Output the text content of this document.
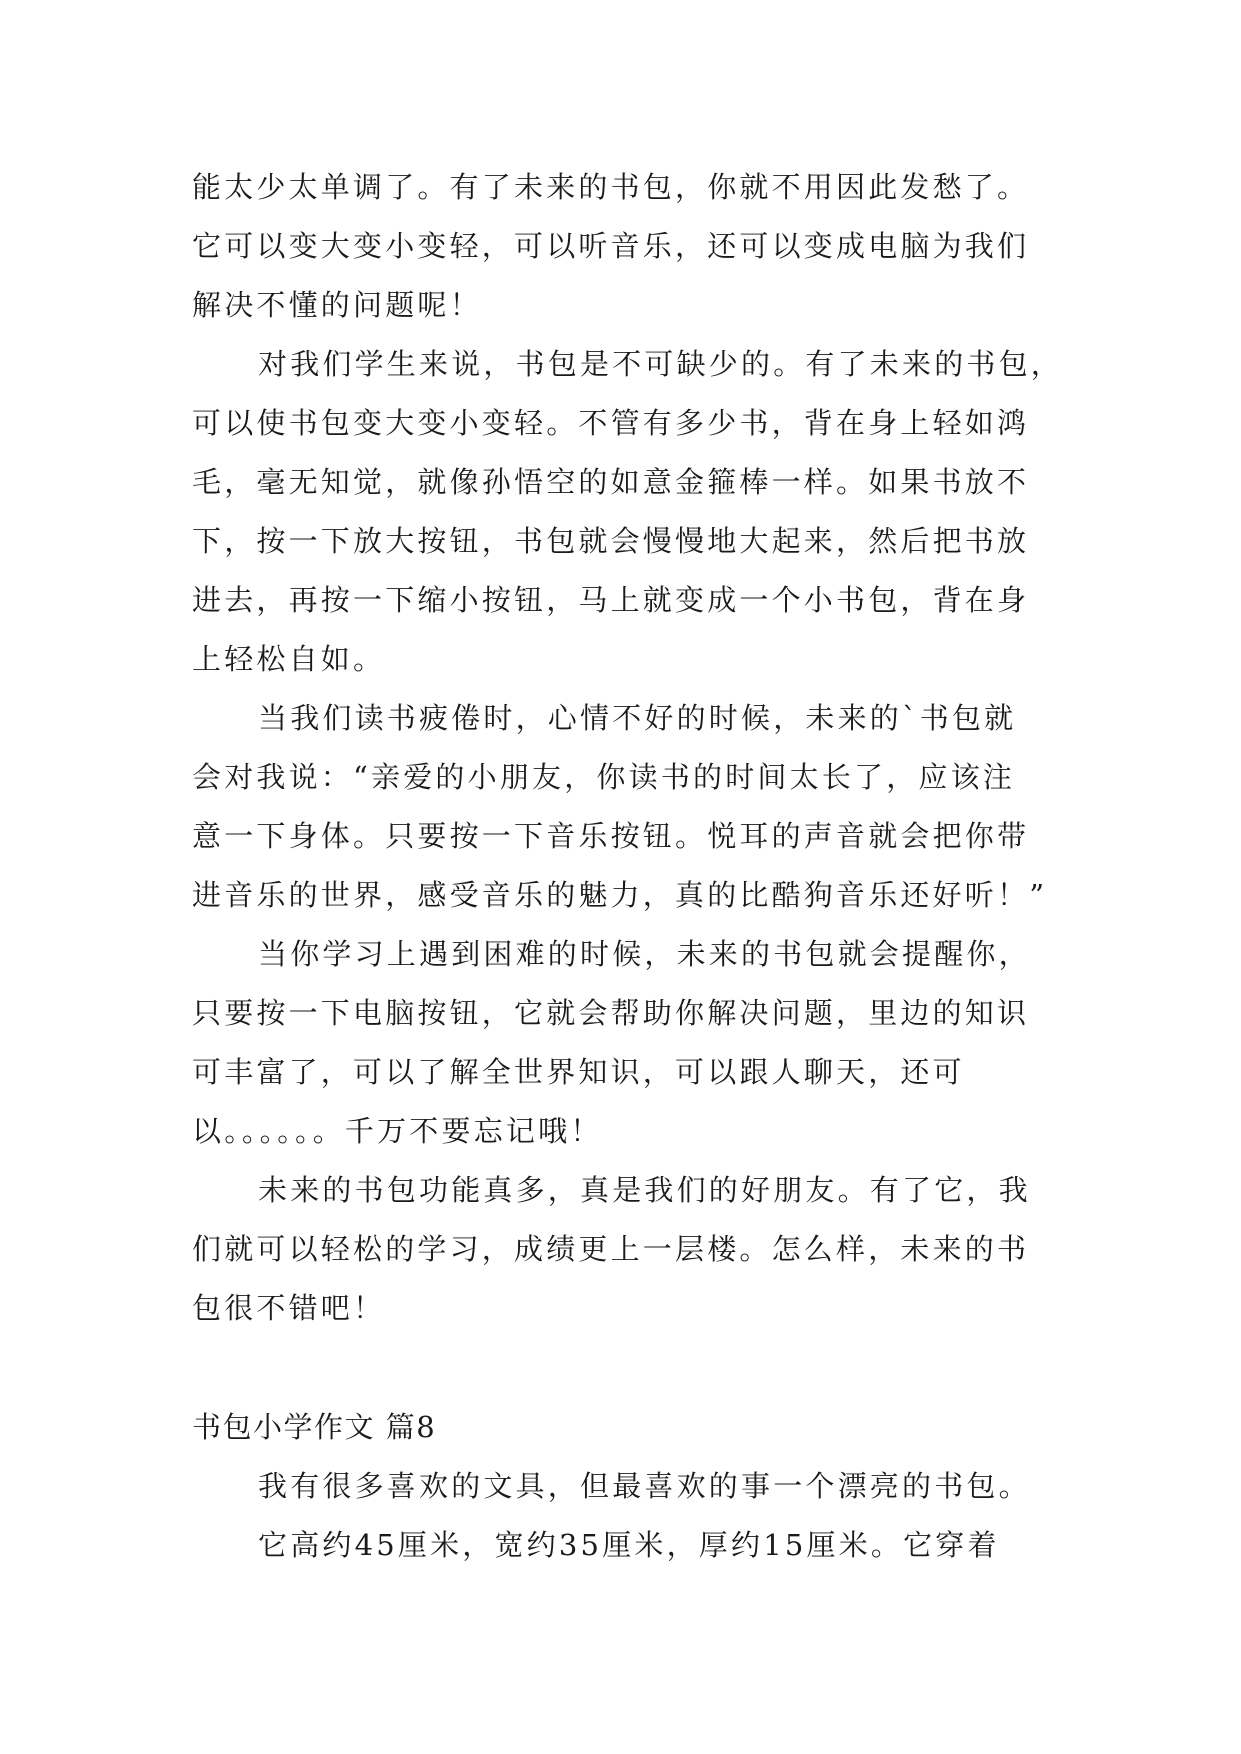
能太少太单调了。有了未来的书包，你就不用因此发愁了。
它可以变大变小变轻，可以听音乐，还可以变成电脑为我们
解决不懂的问题呢！
对我们学生来说，书包是不可缺少的。有了未来的书包，
可以使书包变大变小变轻。不管有多少书，背在身上轻如鸿
毛，毫无知觉，就像孙悟空的如意金箍棒一样。如果书放不
下，按一下放大按钮，书包就会慢慢地大起来，然后把书放
进去，再按一下缩小按钮，马上就变成一个小书包，背在身
上轻松自如。
当我们读书疲倦时，心情不好的时候，未来的`书包就
会对我说：“亲爱的小朋友，你读书的时间太长了，应该注
意一下身体。只要按一下音乐按钮。悦耳的声音就会把你带
进音乐的世界，感受音乐的魅力，真的比酷狗音乐还好听！”
当你学习上遇到困难的时候，未来的书包就会提醒你，
只要按一下电脑按钮，它就会帮助你解决问题，里边的知识
可丰富了，可以了解全世界知识，可以跟人聊天，还可
以。。。。。。千万不要忘记哦！
未来的书包功能真多，真是我们的好朋友。有了它，我
们就可以轻松的学习，成绩更上一层楼。怎么样，未来的书
包很不错吧！
书包小学作文 篇8
我有很多喜欢的文具，但最喜欢的事一个漂亮的书包。
它高约45厘米，宽约35厘米，厚约15厘米。它穿着
